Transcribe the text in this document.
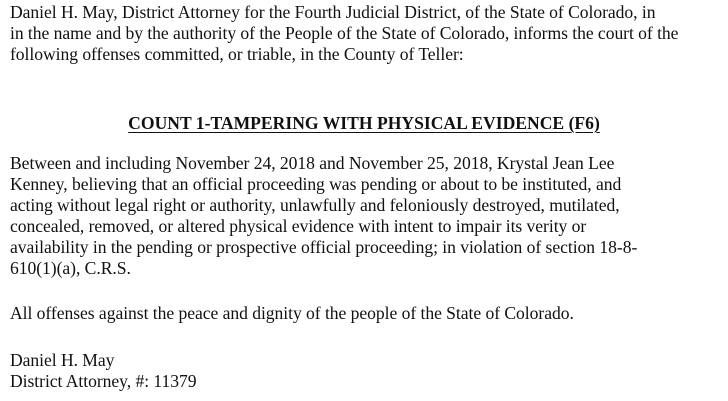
Daniel H. May, District Attorney for the Fourth Judicial District, of the State of Colorado, in

in the name and by the authority of the People of the State of Colorado, informs the court of the

following offenses committed, or triable, in the County of Teller:

COUNT 1-TAMPERING WITH PHYSICAL EVIDENCE (F6)

Between and including November 24, 2018 and November 25, 2018, Krystal Jean Lee

Kenney, believing that an official proceeding was pending or about to be instituted, and

acting without legal right or authority, unlawfully and feloniously destroyed, mutilated,

concealed, removed, or altered physical evidence with intent to impair its verity or

availability in the pending or prospective official proceeding; in violation of section 18-8-

610(1)(a), C.R.S.

All offenses against the peace and dignity of the people of the State of Colorado.

Daniel H. May

District Attorney, #: 11379
